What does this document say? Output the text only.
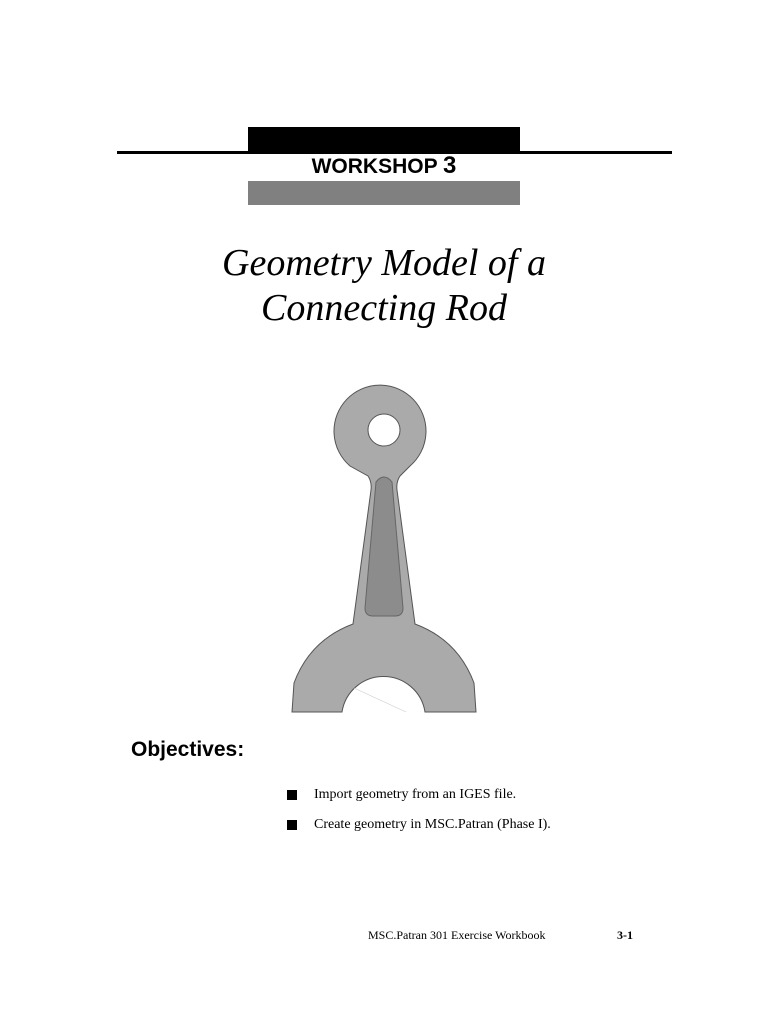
WORKSHOP 3
Geometry Model of a
Connecting Rod
Objectives:
Import geometry from an IGES file.
Create geometry in MSC.Patran (Phase I).
MSC.Patran 301 Exercise Workbook	3-1
